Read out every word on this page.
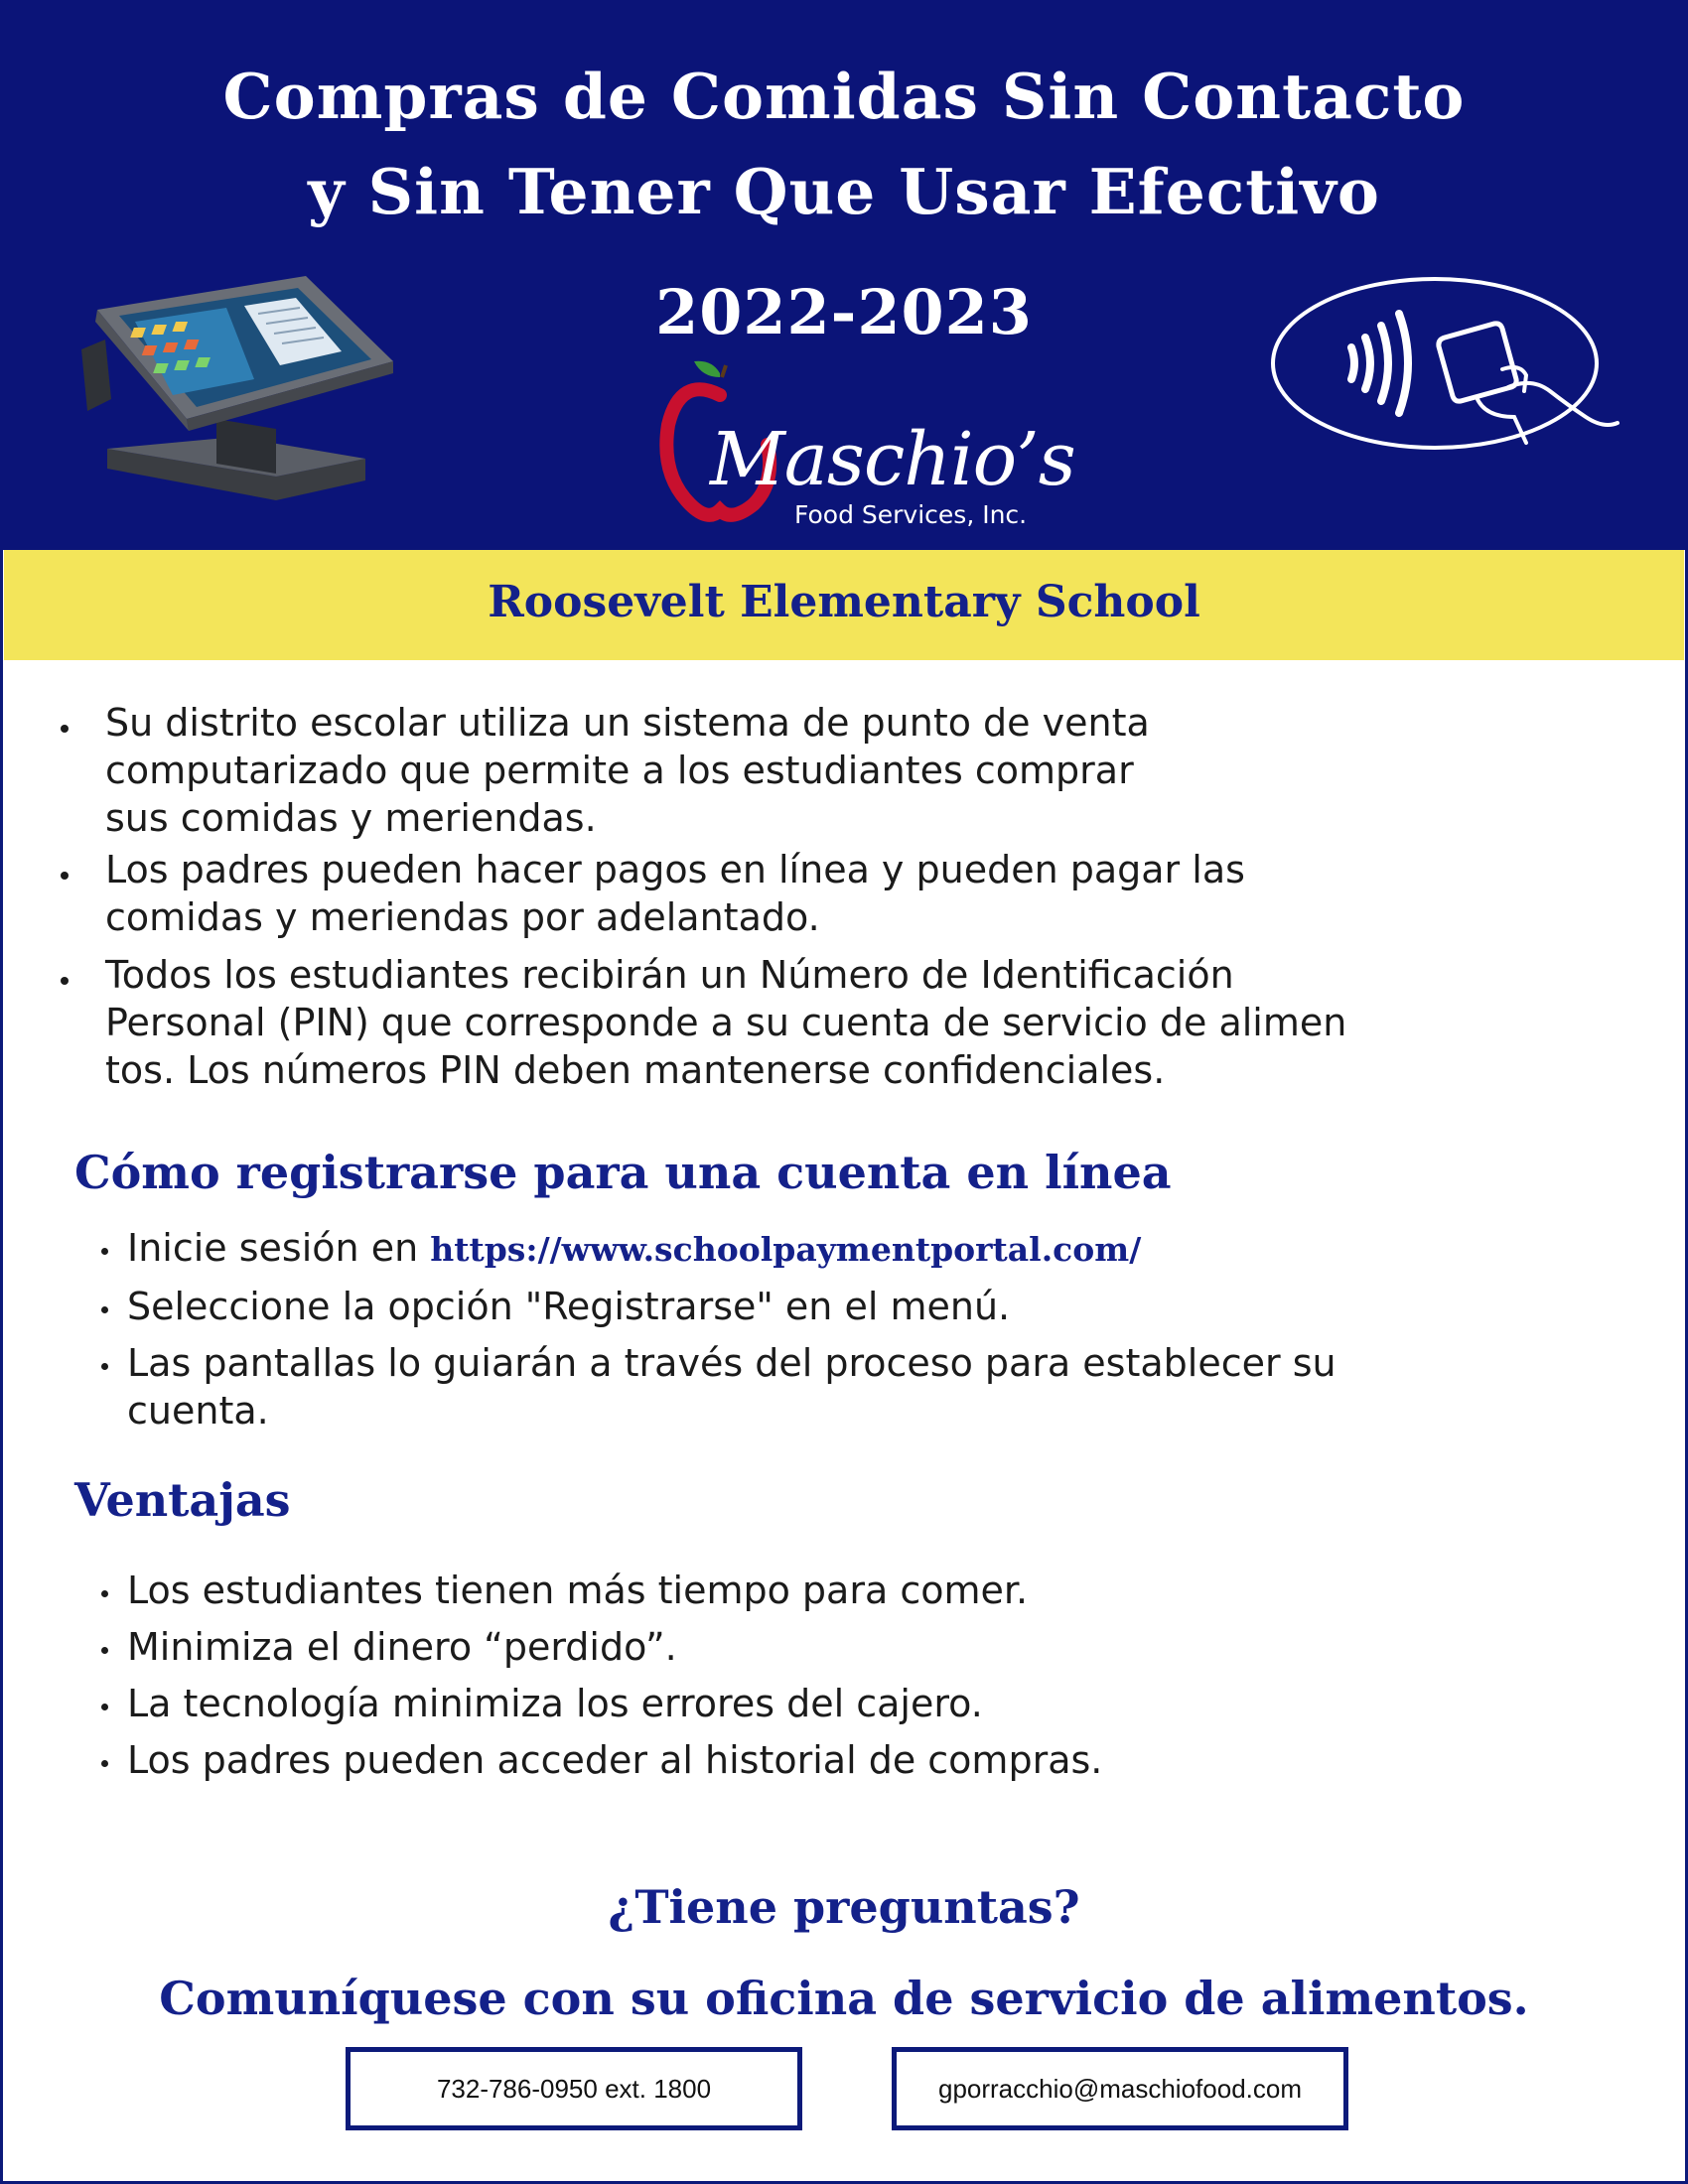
Compras de Comidas Sin Contacto
y Sin Tener Que Usar Efectivo
2022-2023
Maschio’s
Food Services, Inc.
Roosevelt Elementary School
Su distrito escolar utiliza un sistema de punto de venta
computarizado que permite a los estudiantes comprar
sus comidas y meriendas.
Los padres pueden hacer pagos en línea y pueden pagar las
comidas y meriendas por adelantado.
Todos los estudiantes recibirán un Número de Identificación
Personal (PIN) que corresponde a su cuenta de servicio de alimen
tos. Los números PIN deben mantenerse confidenciales.
Cómo registrarse para una cuenta en línea
Inicie sesión en https://www.schoolpaymentportal.com/
Seleccione la opción "Registrarse" en el menú.
Las pantallas lo guiarán a través del proceso para establecer su
cuenta.
Ventajas
Los estudiantes tienen más tiempo para comer.
Minimiza el dinero “perdido”.
La tecnología minimiza los errores del cajero.
Los padres pueden acceder al historial de compras.
¿Tiene preguntas?
Comuníquese con su oficina de servicio de alimentos.
732-786-0950 ext. 1800	gporracchio@maschiofood.com
